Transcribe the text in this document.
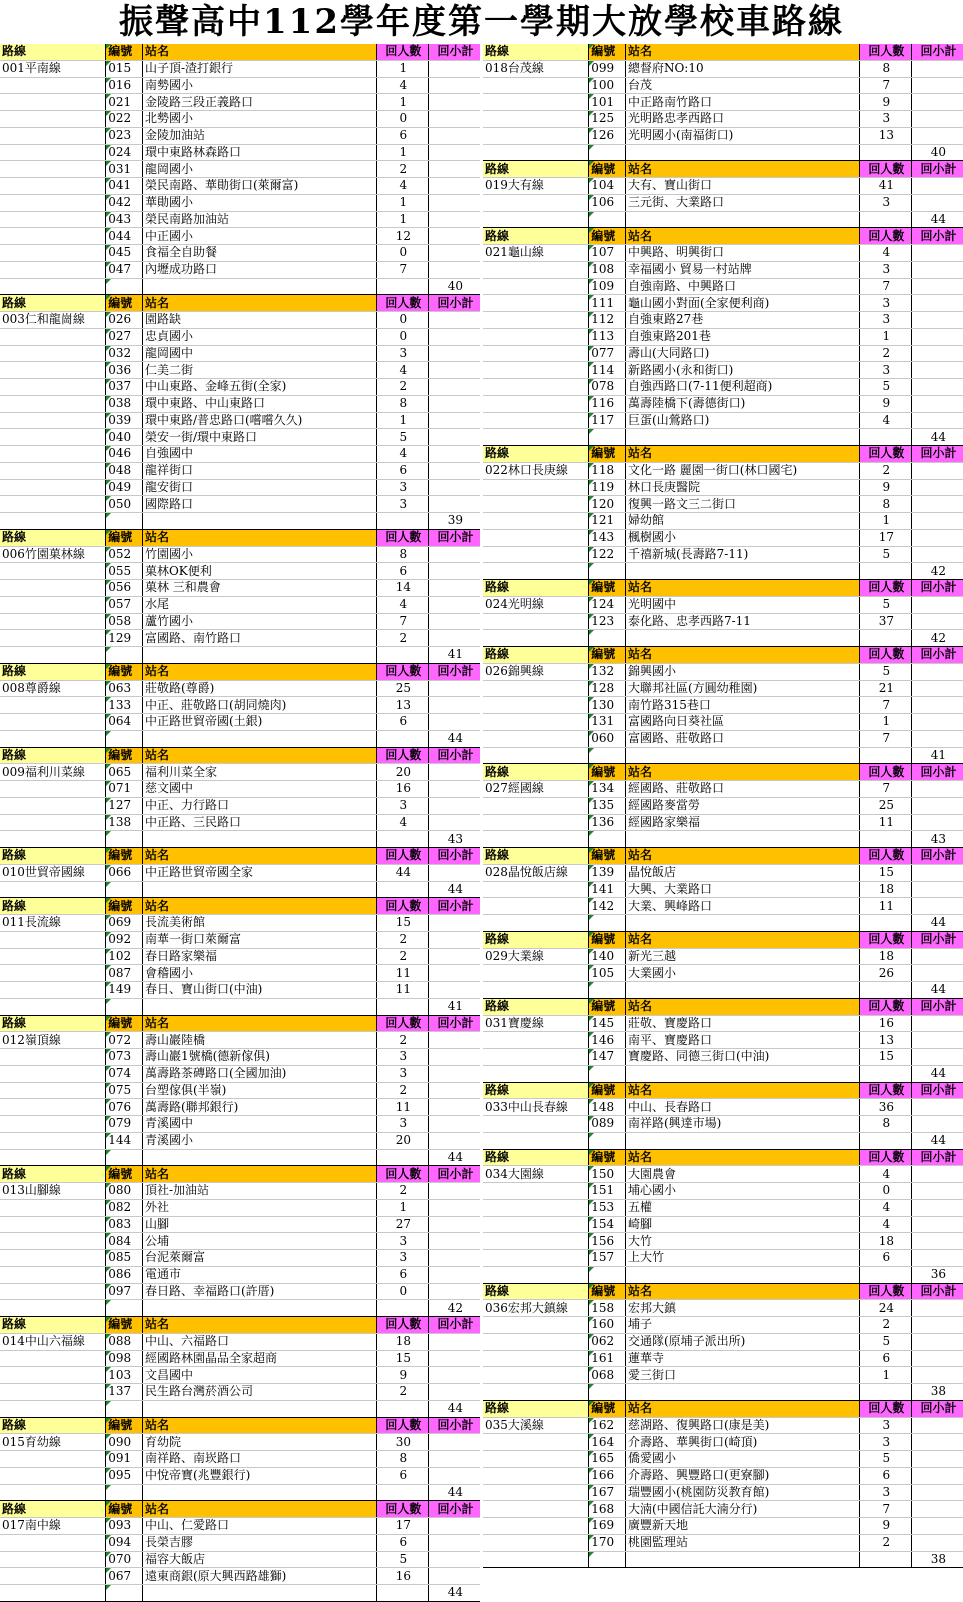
振聲高中112學年度第一學期大放學校車路線
路線	編號	站名	回人數	回小計
001平南線	015	山子頂-渣打銀行	1	
	016	南勢國小	4	
	021	金陵路三段正義路口	1	
	022	北勢國小	0	
	023	金陵加油站	6	
	024	環中東路林森路口	1	
	031	龍岡國小	2	
	041	榮民南路、華勛街口(萊爾富)	4	
	042	華勛國小	1	
	043	榮民南路加油站	1	
	044	中正國小	12	
	045	食福全自助餐	0	
	047	內壢成功路口	7	
				40
路線	編號	站名	回人數	回小計
003仁和龍崗線	026	園路缺	0	
	027	忠貞國小	0	
	032	龍岡國中	3	
	036	仁美二街	4	
	037	中山東路、金峰五街(全家)	2	
	038	環中東路、中山東路口	8	
	039	環中東路/普忠路口(嚐嚐久久)	1	
	040	榮安一街/環中東路口	5	
	046	自強國中	4	
	048	龍祥街口	6	
	049	龍安街口	3	
	050	國際路口	3	
				39
路線	編號	站名	回人數	回小計
006竹園菓林線	052	竹園國小	8	
	055	菓林OK便利	6	
	056	菓林 三和農會	14	
	057	水尾	4	
	058	蘆竹國小	7	
	129	富國路、南竹路口	2	
				41
路線	編號	站名	回人數	回小計
008尊爵線	063	莊敬路(尊爵)	25	
	133	中正、莊敬路口(胡同燒肉)	13	
	064	中正路世貿帝國(土銀)	6	
				44
路線	編號	站名	回人數	回小計
009福利川菜線	065	福利川菜全家	20	
	071	慈文國中	16	
	127	中正、力行路口	3	
	138	中正路、三民路口	4	
				43
路線	編號	站名	回人數	回小計
010世貿帝國線	066	中正路世貿帝國全家	44	
				44
路線	編號	站名	回人數	回小計
011長流線	069	長流美術館	15	
	092	南華一街口萊爾富	2	
	102	春日路家樂福	2	
	087	會稽國小	11	
	149	春日、寶山街口(中油)	11	
				41
路線	編號	站名	回人數	回小計
012嶺頂線	072	壽山巖陸橋	2	
	073	壽山巖1號橋(德新傢俱)	3	
	074	萬壽路茶磚路口(全國加油)	3	
	075	台塑傢俱(半嶺)	2	
	076	萬壽路(聯邦銀行)	11	
	079	青溪國中	3	
	144	青溪國小	20	
				44
路線	編號	站名	回人數	回小計
013山腳線	080	頂社-加油站	2	
	082	外社	1	
	083	山腳	27	
	084	公埔	3	
	085	台泥萊爾富	3	
	086	電通市	6	
	097	春日路、幸福路口(許厝)	0	
				42
路線	編號	站名	回人數	回小計
014中山六福線	088	中山、六福路口	18	
	098	經國路林園晶品全家超商	15	
	103	文昌國中	9	
	137	民生路台灣菸酒公司	2	
				44
路線	編號	站名	回人數	回小計
015育幼線	090	育幼院	30	
	091	南祥路、南崁路口	8	
	095	中悅帝寶(兆豐銀行)	6	
				44
路線	編號	站名	回人數	回小計
017南中線	093	中山、仁愛路口	17	
	094	長榮吉膠	6	
	070	福容大飯店	5	
	067	遠東商銀(原大興西路雄獅)	16	
				44
路線	編號	站名	回人數	回小計
018台茂線	099	總督府NO:10	8	
	100	台茂	7	
	101	中正路南竹路口	9	
	125	光明路忠孝西路口	3	
	126	光明國小(南福街口)	13	
				40
路線	編號	站名	回人數	回小計
019大有線	104	大有、寶山街口	41	
	106	三元街、大業路口	3	
				44
路線	編號	站名	回人數	回小計
021龜山線	107	中興路、明興街口	4	
	108	幸福國小 貿易一村站牌	3	
	109	自強南路、中興路口	7	
	111	龜山國小對面(全家便利商)	3	
	112	自強東路27巷	3	
	113	自強東路201巷	1	
	077	壽山(大同路口)	2	
	114	新路國小(永和街口)	3	
	078	自強西路口(7-11便利超商)	5	
	116	萬壽陸橋下(壽德街口)	9	
	117	巨蛋(山鶯路口)	4	
				44
路線	編號	站名	回人數	回小計
022林口長庚線	118	文化一路 麗園一街口(林口國宅)	2	
	119	林口長庚醫院	9	
	120	復興一路文三二街口	8	
	121	婦幼館	1	
	143	楓樹國小	17	
	122	千禧新城(長壽路7-11)	5	
				42
路線	編號	站名	回人數	回小計
024光明線	124	光明國中	5	
	123	泰化路、忠孝西路7-11	37	
				42
路線	編號	站名	回人數	回小計
026錦興線	132	錦興國小	5	
	128	大聯邦社區(方圓幼稚園)	21	
	130	南竹路315巷口	7	
	131	富國路向日葵社區	1	
	060	富國路、莊敬路口	7	
				41
路線	編號	站名	回人數	回小計
027經國線	134	經國路、莊敬路口	7	
	135	經國路麥當勞	25	
	136	經國路家樂福	11	
				43
路線	編號	站名	回人數	回小計
028晶悅飯店線	139	晶悅飯店	15	
	141	大興、大業路口	18	
	142	大業、興峰路口	11	
				44
路線	編號	站名	回人數	回小計
029大業線	140	新光三越	18	
	105	大業國小	26	
				44
路線	編號	站名	回人數	回小計
031寶慶線	145	莊敬、寶慶路口	16	
	146	南平、寶慶路口	13	
	147	寶慶路、同德三街口(中油)	15	
				44
路線	編號	站名	回人數	回小計
033中山長春線	148	中山、長春路口	36	
	089	南祥路(興達市場)	8	
				44
路線	編號	站名	回人數	回小計
034大園線	150	大園農會	4	
	151	埔心國小	0	
	153	五權	4	
	154	崎腳	4	
	156	大竹	18	
	157	上大竹	6	
				36
路線	編號	站名	回人數	回小計
036宏邦大鎮線	158	宏邦大鎮	24	
	160	埔子	2	
	062	交通隊(原埔子派出所)	5	
	161	蓮華寺	6	
	068	愛三街口	1	
				38
路線	編號	站名	回人數	回小計
035大溪線	162	慈湖路、復興路口(康是美)	3	
	164	介壽路、華興街口(崎頂)	3	
	165	僑愛國小	5	
	166	介壽路、興豐路口(更寮腳)	6	
	167	瑞豐國小(桃園防災教育館)	3	
	168	大湳(中國信託大湳分行)	7	
	169	廣豐新天地	9	
	170	桃園監理站	2	
				38
